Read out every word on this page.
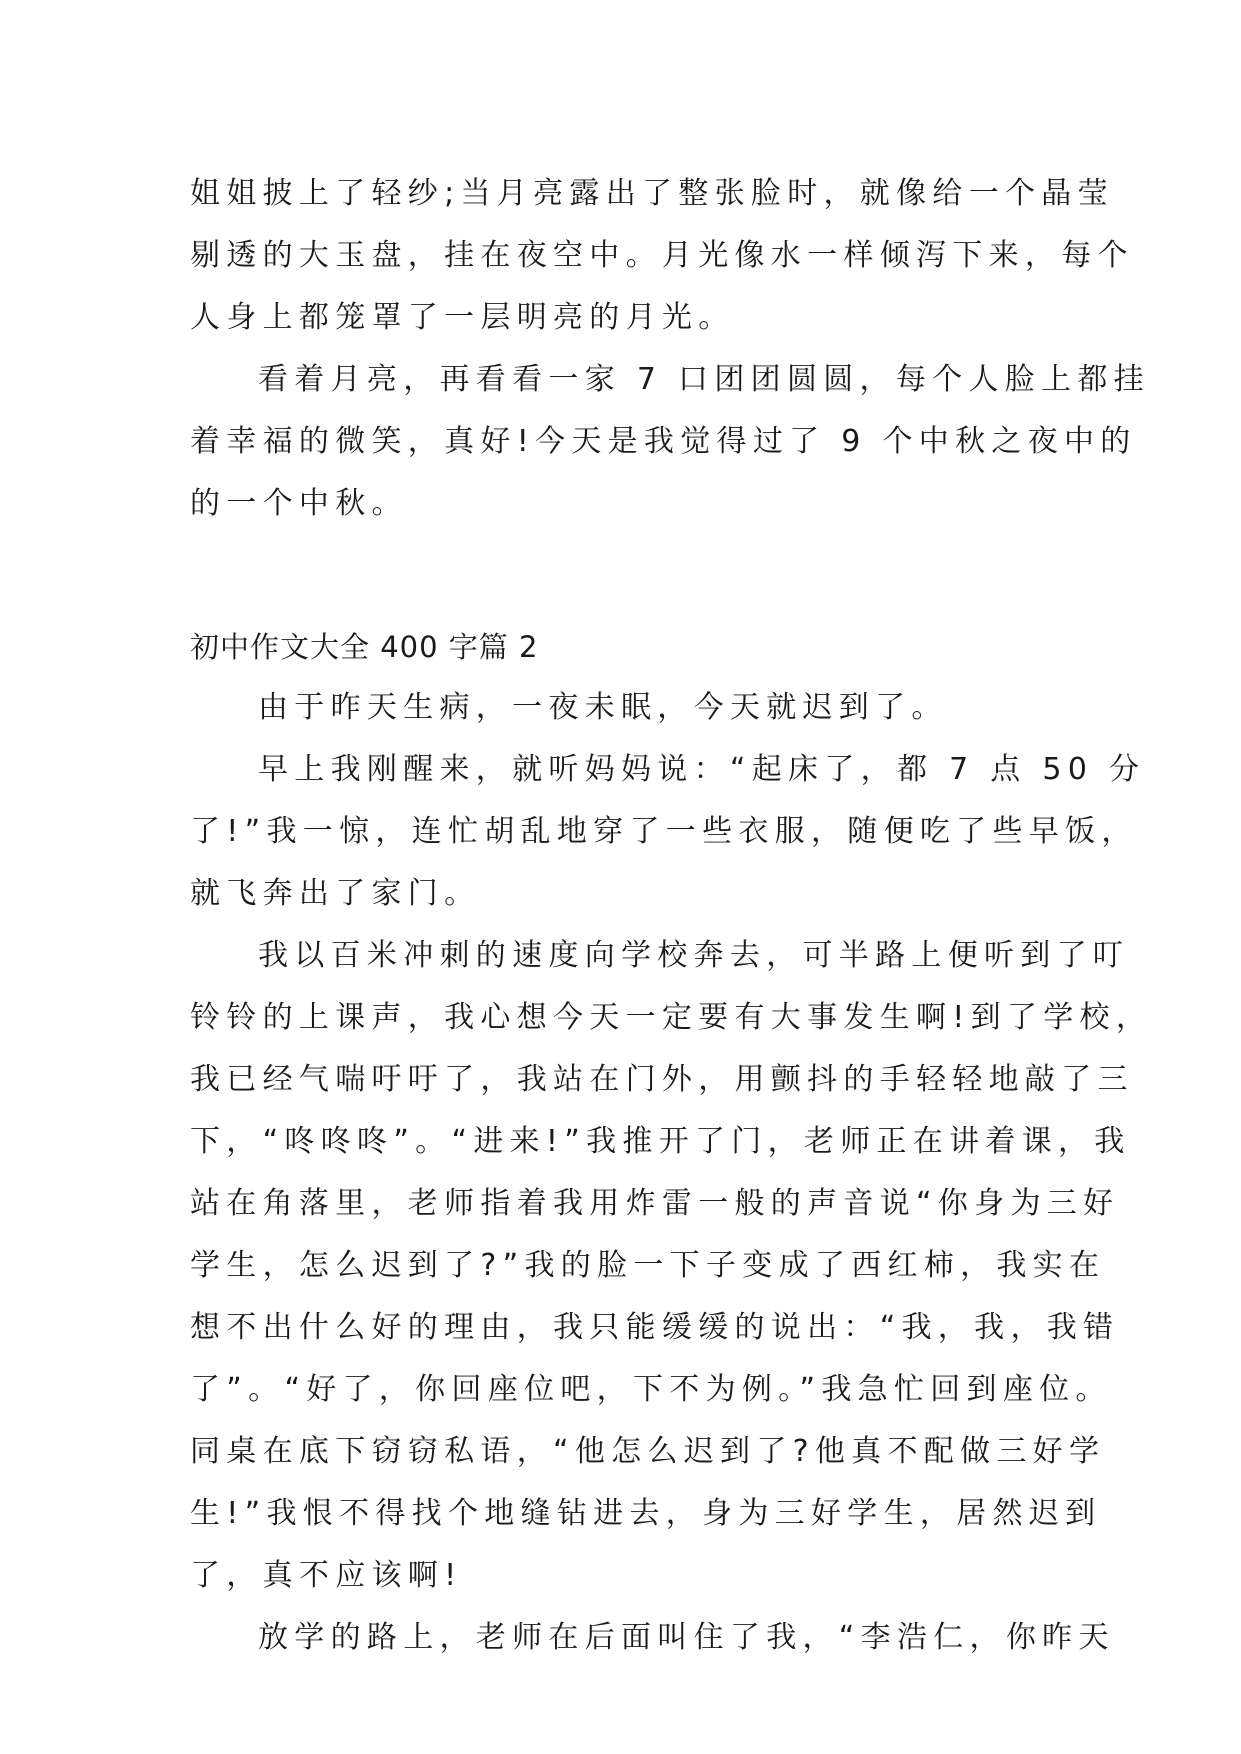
姐姐披上了轻纱;当月亮露出了整张脸时，就像给一个晶莹
剔透的大玉盘，挂在夜空中。月光像水一样倾泻下来，每个
人身上都笼罩了一层明亮的月光。
看着月亮，再看看一家 7 口团团圆圆，每个人脸上都挂
着幸福的微笑，真好!今天是我觉得过了 9 个中秋之夜中的
的一个中秋。
初中作文大全 400 字篇 2
由于昨天生病，一夜未眠，今天就迟到了。
早上我刚醒来，就听妈妈说：“起床了，都 7 点 50 分
了!”我一惊，连忙胡乱地穿了一些衣服，随便吃了些早饭，
就飞奔出了家门。
我以百米冲刺的速度向学校奔去，可半路上便听到了叮
铃铃的上课声，我心想今天一定要有大事发生啊!到了学校，
我已经气喘吁吁了，我站在门外，用颤抖的手轻轻地敲了三
下，“咚咚咚”。“进来!”我推开了门，老师正在讲着课，我
站在角落里，老师指着我用炸雷一般的声音说“你身为三好
学生，怎么迟到了?”我的脸一下子变成了西红柿，我实在
想不出什么好的理由，我只能缓缓的说出：“我，我，我错
了”。“好了，你回座位吧，下不为例。”我急忙回到座位。
同桌在底下窃窃私语，“他怎么迟到了?他真不配做三好学
生!”我恨不得找个地缝钻进去，身为三好学生，居然迟到
了，真不应该啊!
放学的路上，老师在后面叫住了我，“李浩仁，你昨天
